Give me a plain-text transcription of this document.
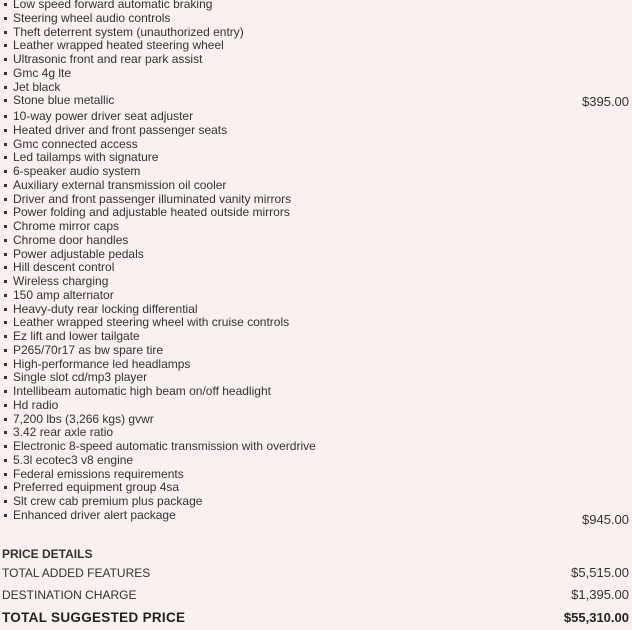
Low speed forward automatic braking
Steering wheel audio controls
Theft deterrent system (unauthorized entry)
Leather wrapped heated steering wheel
Ultrasonic front and rear park assist
Gmc 4g lte
Jet black
Stone blue metallic	$395.00
10-way power driver seat adjuster
Heated driver and front passenger seats
Gmc connected access
Led tailamps with signature
6-speaker audio system
Auxiliary external transmission oil cooler
Driver and front passenger illuminated vanity mirrors
Power folding and adjustable heated outside mirrors
Chrome mirror caps
Chrome door handles
Power adjustable pedals
Hill descent control
Wireless charging
150 amp alternator
Heavy-duty rear locking differential
Leather wrapped steering wheel with cruise controls
Ez lift and lower tailgate
P265/70r17 as bw spare tire
High-performance led headlamps
Single slot cd/mp3 player
Intellibeam automatic high beam on/off headlight
Hd radio
7,200 lbs (3,266 kgs) gvwr
3.42 rear axle ratio
Electronic 8-speed automatic transmission with overdrive
5.3l ecotec3 v8 engine
Federal emissions requirements
Preferred equipment group 4sa
Slt crew cab premium plus package
Enhanced driver alert package	$945.00
PRICE DETAILS
TOTAL ADDED FEATURES	$5,515.00
DESTINATION CHARGE	$1,395.00
TOTAL SUGGESTED PRICE	$55,310.00
